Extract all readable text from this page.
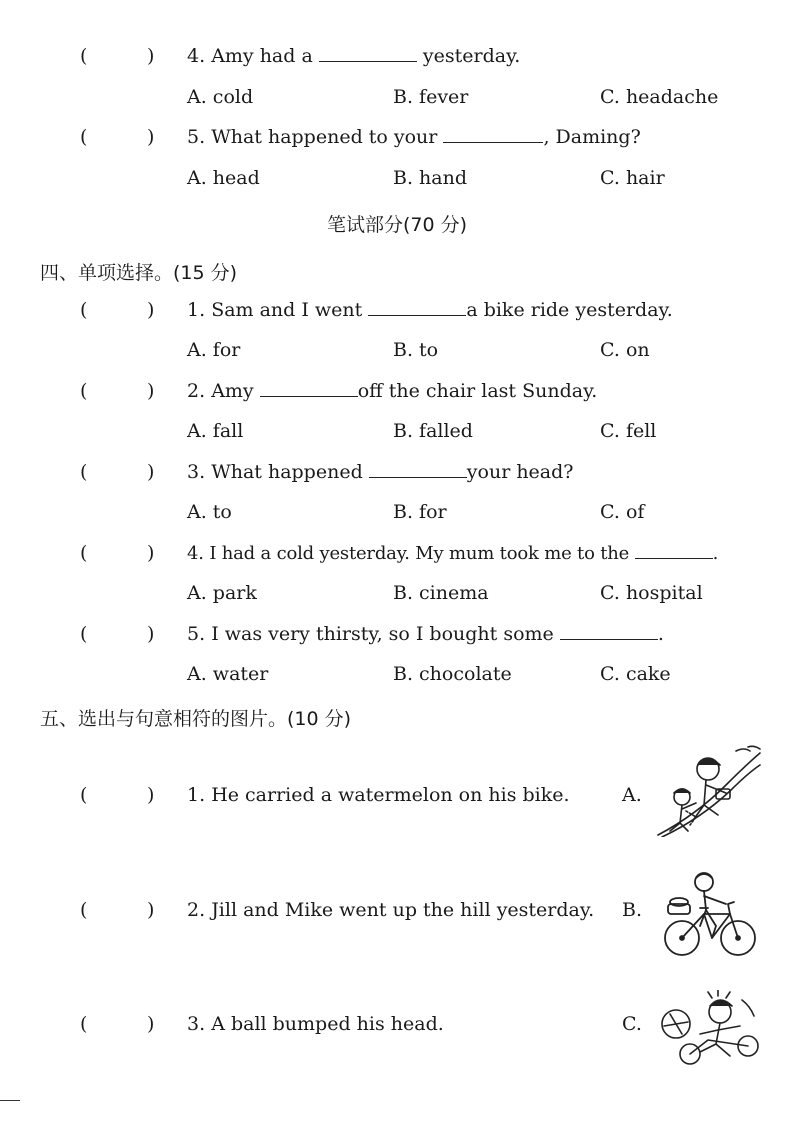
(	) 4. Amy had a	yesterday.
A. cold	B. fever	C. headache
(	) 5. What happened to your	, Daming?
A. head	B. hand	C. hair
笔试部分(70 分)
四、单项选择。(15 分)
(	) 1. Sam and I went	a bike ride yesterday.
A. for	B. to	C. on
(	) 2. Amy	off the chair last Sunday.
A. fall	B. falled	C. fell
(	) 3. What happened	your head?
A. to	B. for	C. of
(	) 4. I had a cold yesterday. My mum took me to the	.
A. park	B. cinema	C. hospital
(	) 5. I was very thirsty, so I bought some	.
A. water	B. chocolate	C. cake
五、选出与句意相符的图片。(10 分)
(	) 1. He carried a watermelon on his bike.	A.
(	) 2. Jill and Mike went up the hill yesterday. B.
(	) 3. A ball bumped his head.	C.
